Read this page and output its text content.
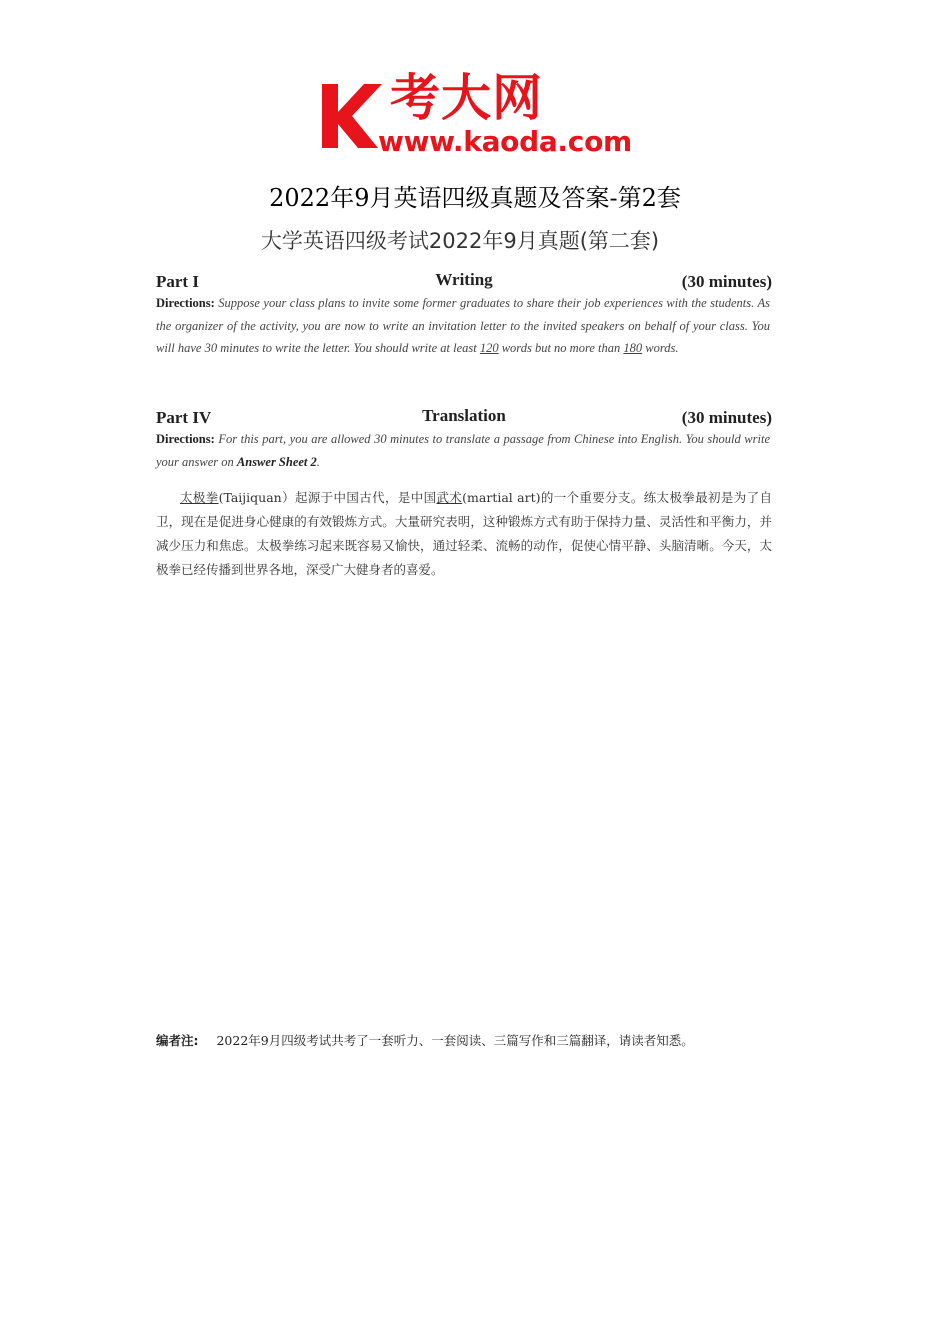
考大网
www.kaoda.com
2022年9月英语四级真题及答案-第2套
大学英语四级考试2022年9月真题(第二套)
Part I	Writing	(30 minutes)
Directions: Suppose your class plans to invite some former graduates to share their job experiences with the students. As the organizer of the activity, you are now to write an invitation letter to the invited speakers on behalf of your class. You will have 30 minutes to write the letter. You should write at least 120 words but no more than 180 words.
Part IV	Translation	(30 minutes)
Directions: For this part, you are allowed 30 minutes to translate a passage from Chinese into English. You should write your answer on Answer Sheet 2.
太极拳(Taijiquan）起源于中国古代，是中国武术(martial art)的一个重要分支。练太极拳最初是为了自卫，现在是促进身心健康的有效锻炼方式。大量研究表明，这种锻炼方式有助于保持力量、灵活性和平衡力，并减少压力和焦虑。太极拳练习起来既容易又愉快，通过轻柔、流畅的动作，促使心情平静、头脑清晰。今天，太极拳已经传播到世界各地，深受广大健身者的喜爱。
编者注: 2022年9月四级考试共考了一套听力、一套阅读、三篇写作和三篇翻译，请读者知悉。
